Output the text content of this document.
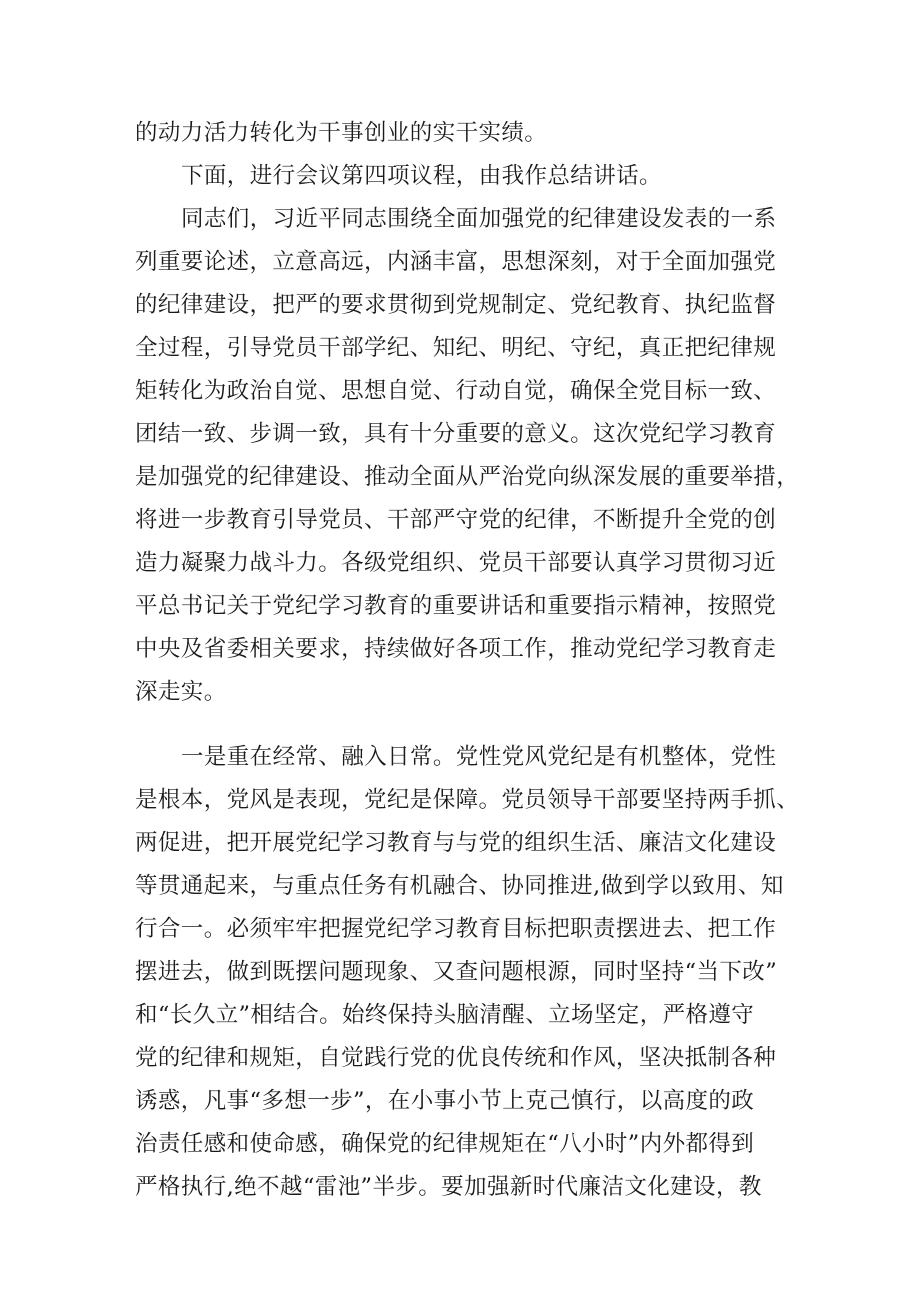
的动力活力转化为干事创业的实干实绩。
下面，进行会议第四项议程，由我作总结讲话。
同志们，习近平同志围绕全面加强党的纪律建设发表的一系
列重要论述，立意高远，内涵丰富，思想深刻，对于全面加强党
的纪律建设，把严的要求贯彻到党规制定、党纪教育、执纪监督
全过程，引导党员干部学纪、知纪、明纪、守纪，真正把纪律规
矩转化为政治自觉、思想自觉、行动自觉，确保全党目标一致、
团结一致、步调一致，具有十分重要的意义。这次党纪学习教育
是加强党的纪律建设、推动全面从严治党向纵深发展的重要举措，
将进一步教育引导党员、干部严守党的纪律，不断提升全党的创
造力凝聚力战斗力。各级党组织、党员干部要认真学习贯彻习近
平总书记关于党纪学习教育的重要讲话和重要指示精神，按照党
中央及省委相关要求，持续做好各项工作，推动党纪学习教育走
深走实。
一是重在经常、融入日常。党性党风党纪是有机整体，党性
是根本，党风是表现，党纪是保障。党员领导干部要坚持两手抓、
两促进，把开展党纪学习教育与与党的组织生活、廉洁文化建设
等贯通起来，与重点任务有机融合、协同推进,做到学以致用、知
行合一。必须牢牢把握党纪学习教育目标把职责摆进去、把工作
摆进去，做到既摆问题现象、又查问题根源，同时坚持“当下改”
和“长久立”相结合。始终保持头脑清醒、立场坚定，严格遵守
党的纪律和规矩，自觉践行党的优良传统和作风，坚决抵制各种
诱惑，凡事“多想一步”，在小事小节上克己慎行，以高度的政
治责任感和使命感，确保党的纪律规矩在“八小时”内外都得到
严格执行,绝不越“雷池”半步。要加强新时代廉洁文化建设，教
